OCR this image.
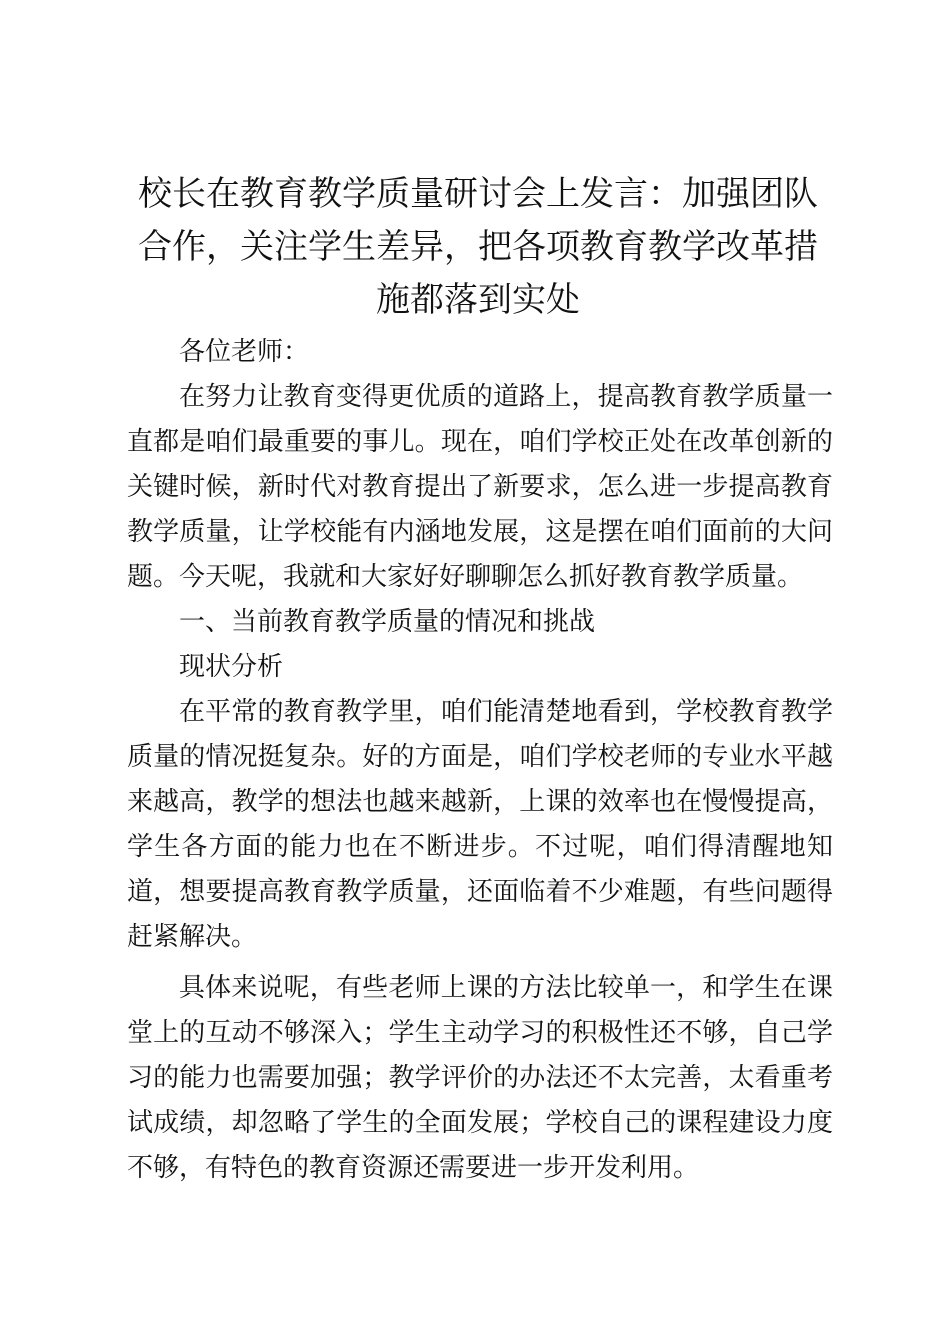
校长在教育教学质量研讨会上发言：加强团队合作，关注学生差异，把各项教育教学改革措施都落到实处

各位老师：

在努力让教育变得更优质的道路上，提高教育教学质量一直都是咱们最重要的事儿。现在，咱们学校正处在改革创新的关键时候，新时代对教育提出了新要求，怎么进一步提高教育教学质量，让学校能有内涵地发展，这是摆在咱们面前的大问题。今天呢，我就和大家好好聊聊怎么抓好教育教学质量。

一、当前教育教学质量的情况和挑战

现状分析

在平常的教育教学里，咱们能清楚地看到，学校教育教学质量的情况挺复杂。好的方面是，咱们学校老师的专业水平越来越高，教学的想法也越来越新，上课的效率也在慢慢提高，学生各方面的能力也在不断进步。不过呢，咱们得清醒地知道，想要提高教育教学质量，还面临着不少难题，有些问题得赶紧解决。

具体来说呢，有些老师上课的方法比较单一，和学生在课堂上的互动不够深入；学生主动学习的积极性还不够，自己学习的能力也需要加强；教学评价的办法还不太完善，太看重考试成绩，却忽略了学生的全面发展；学校自己的课程建设力度不够，有特色的教育资源还需要进一步开发利用。
